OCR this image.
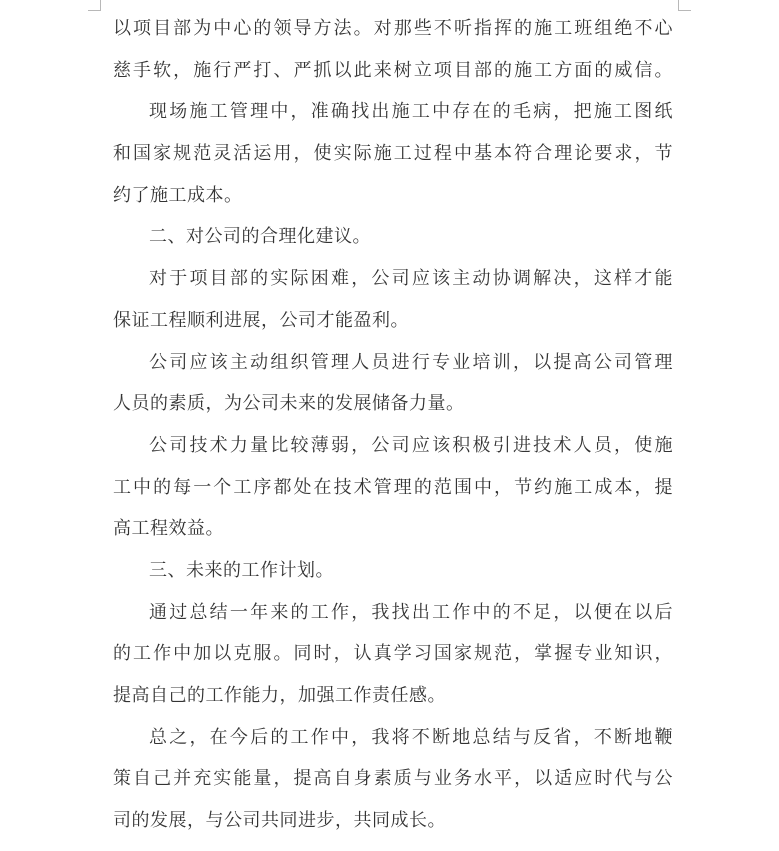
以项目部为中心的领导方法。对那些不听指挥的施工班组绝不心
慈手软，施行严打、严抓以此来树立项目部的施工方面的威信。
现场施工管理中，准确找出施工中存在的毛病，把施工图纸
和国家规范灵活运用，使实际施工过程中基本符合理论要求，节
约了施工成本。
二、对公司的合理化建议。
对于项目部的实际困难，公司应该主动协调解决，这样才能
保证工程顺利进展，公司才能盈利。
公司应该主动组织管理人员进行专业培训，以提高公司管理
人员的素质，为公司未来的发展储备力量。
公司技术力量比较薄弱，公司应该积极引进技术人员，使施
工中的每一个工序都处在技术管理的范围中，节约施工成本，提
高工程效益。
三、未来的工作计划。
通过总结一年来的工作，我找出工作中的不足，以便在以后
的工作中加以克服。同时，认真学习国家规范，掌握专业知识，
提高自己的工作能力，加强工作责任感。
总之，在今后的工作中，我将不断地总结与反省，不断地鞭
策自己并充实能量，提高自身素质与业务水平，以适应时代与公
司的发展，与公司共同进步，共同成长。
